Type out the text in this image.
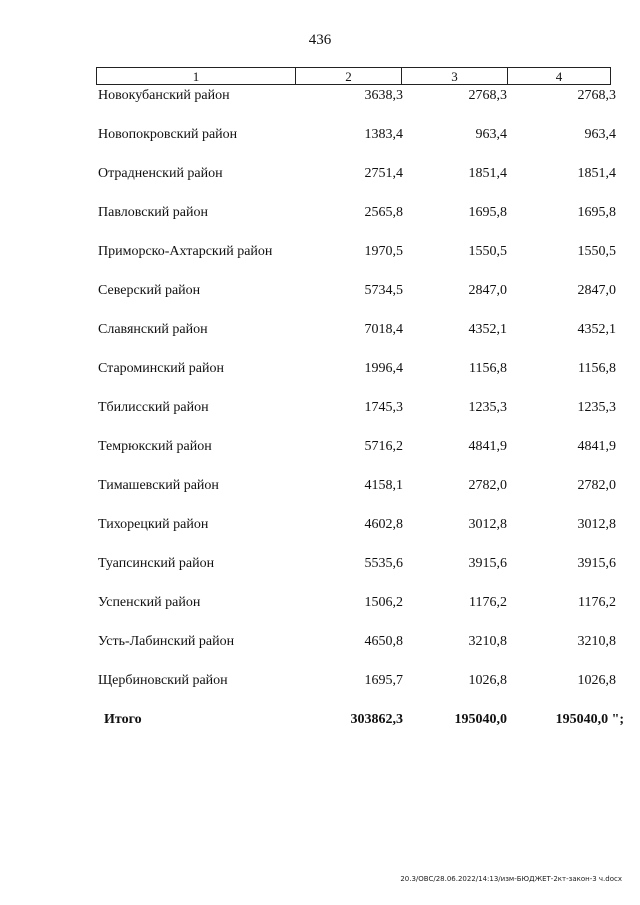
436
1	2	3	4
Новокубанский район	3638,3	2768,3	2768,3
Новопокровский район	1383,4	963,4	963,4
Отрадненский район	2751,4	1851,4	1851,4
Павловский район	2565,8	1695,8	1695,8
Приморско-Ахтарский район	1970,5	1550,5	1550,5
Северский район	5734,5	2847,0	2847,0
Славянский район	7018,4	4352,1	4352,1
Староминский район	1996,4	1156,8	1156,8
Тбилисский район	1745,3	1235,3	1235,3
Темрюкский район	5716,2	4841,9	4841,9
Тимашевский район	4158,1	2782,0	2782,0
Тихорецкий район	4602,8	3012,8	3012,8
Туапсинский район	5535,6	3915,6	3915,6
Успенский район	1506,2	1176,2	1176,2
Усть-Лабинский район	4650,8	3210,8	3210,8
Щербиновский район	1695,7	1026,8	1026,8
Итого	303862,3	195040,0	195040,0 ";
20.3/OBC/28.06.2022/14:13/изм-БЮДЖЕТ-2кт-закон-3 ч.docx
